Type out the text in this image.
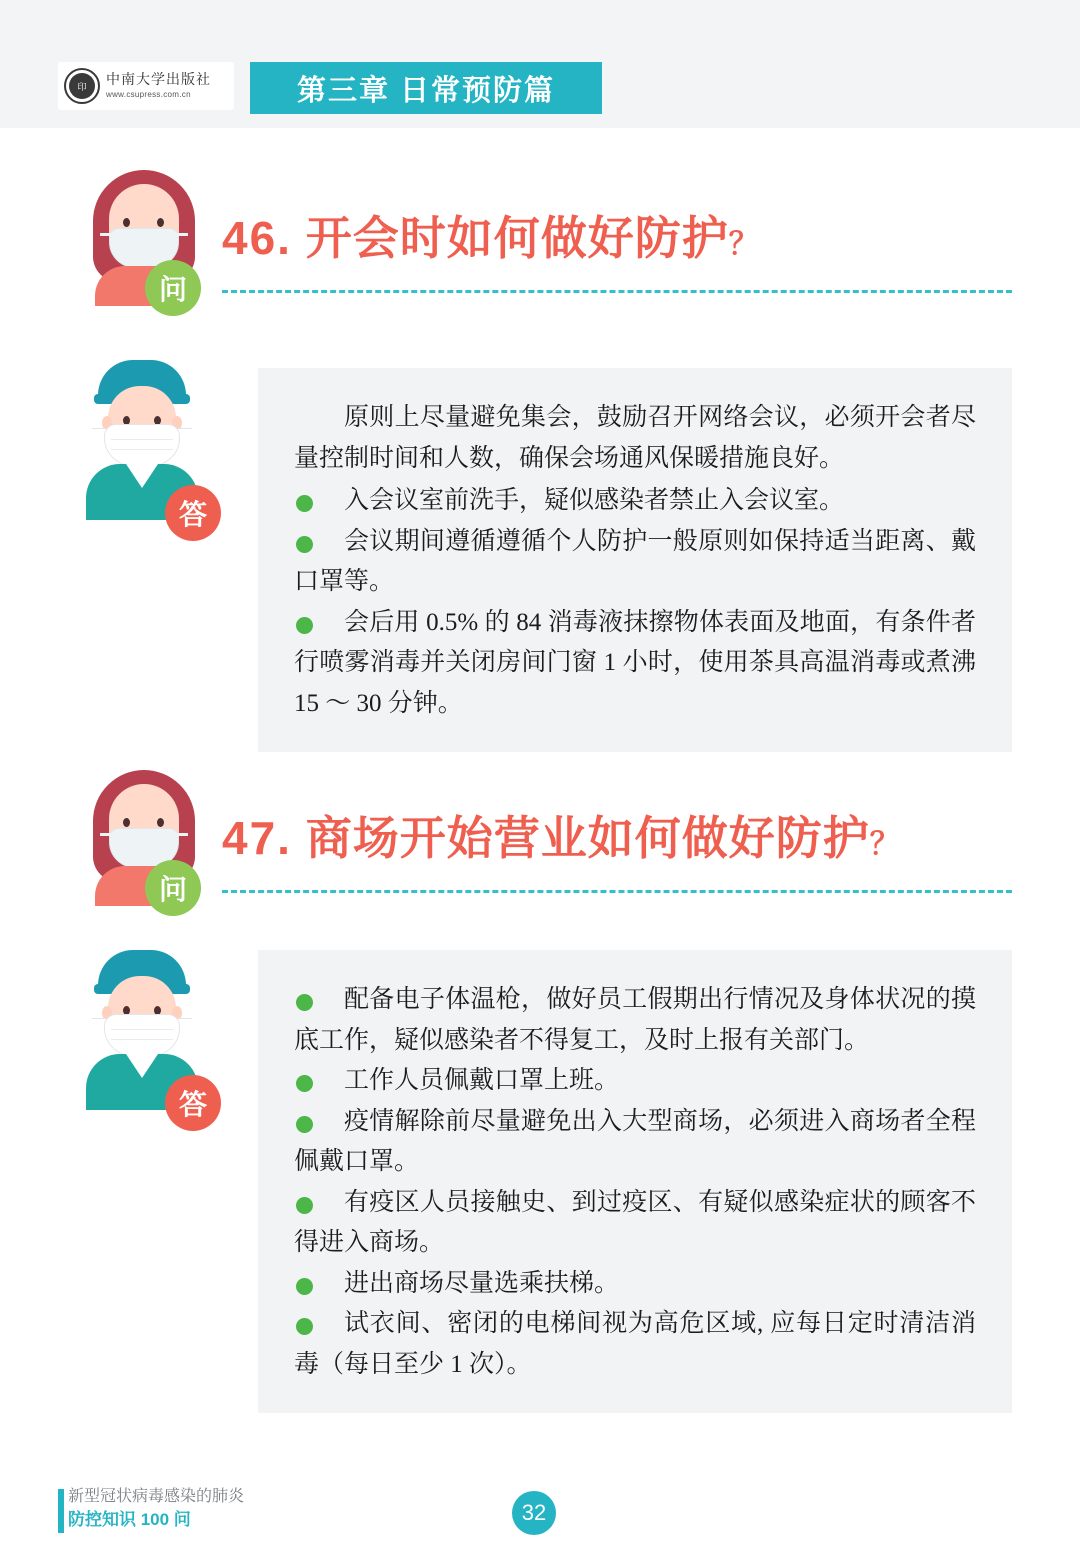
印	中南大学出版社
www.csupress.com.cn	第三章 日常预防篇
问
46. 开会时如何做好防护？
答

原则上尽量避免集会，鼓励召开网络会议，必须开会者尽量控制时间和人数，确保会场通风保暖措施良好。

入会议室前洗手，疑似感染者禁止入会议室。

会议期间遵循遵循个人防护一般原则如保持适当距离、戴口罩等。

会后用 0.5% 的 84 消毒液抹擦物体表面及地面，有条件者行喷雾消毒并关闭房间门窗 1 小时，使用茶具高温消毒或煮沸 15 ～ 30 分钟。

问
47. 商场开始营业如何做好防护？
答

配备电子体温枪，做好员工假期出行情况及身体状况的摸底工作，疑似感染者不得复工，及时上报有关部门。

工作人员佩戴口罩上班。

疫情解除前尽量避免出入大型商场，必须进入商场者全程佩戴口罩。

有疫区人员接触史、到过疫区、有疑似感染症状的顾客不得进入商场。

进出商场尽量选乘扶梯。

试衣间、密闭的电梯间视为高危区域, 应每日定时清洁消毒（每日至少 1 次）。

新型冠状病毒感染的肺炎
防控知识 100 问	32
